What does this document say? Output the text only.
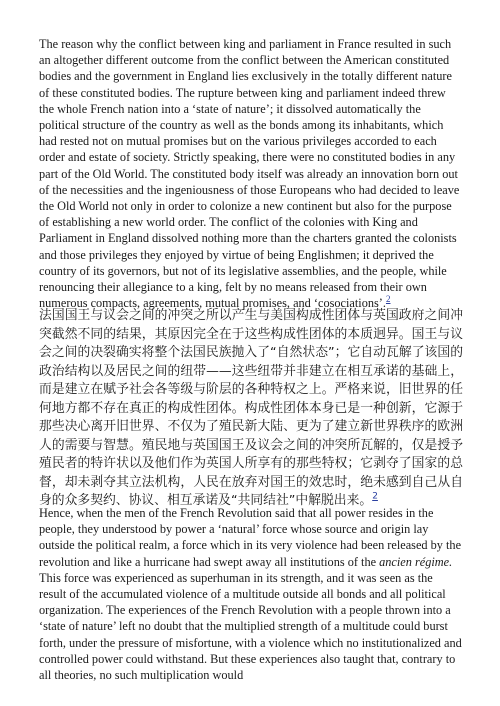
The reason why the conflict between king and parliament in France resulted in such an altogether different outcome from the conflict between the American constituted bodies and the government in England lies exclusively in the totally different nature of these constituted bodies. The rupture between king and parliament indeed threw the whole French nation into a ‘state of nature’; it dissolved automatically the political structure of the country as well as the bonds among its inhabitants, which had rested not on mutual promises but on the various privileges accorded to each order and estate of society. Strictly speaking, there were no constituted bodies in any part of the Old World. The constituted body itself was already an innovation born out of the necessities and the ingeniousness of those Europeans who had decided to leave the Old World not only in order to colonize a new continent but also for the purpose of establishing a new world order. The conflict of the colonies with King and Parliament in England dissolved nothing more than the charters granted the colonists and those privileges they enjoyed by virtue of being Englishmen; it deprived the country of its governors, but not of its legislative assemblies, and the people, while renouncing their allegiance to a king, felt by no means released from their own numerous compacts, agreements, mutual promises, and ‘cosociations’.$^2$

法国国王与议会之间的冲突之所以产生与美国构成性团体与英国政府之间冲突截然不同的结果，其原因完全在于这些构成性团体的本质迥异。国王与议会之间的决裂确实将整个法国民族抛入了“自然状态”；它自动瓦解了该国的政治结构以及居民之间的纽带——这些纽带并非建立在相互承诺的基础上，而是建立在赋予社会各等级与阶层的各种特权之上。严格来说，旧世界的任何地方都不存在真正的构成性团体。构成性团体本身已是一种创新，它源于那些决心离开旧世界、不仅为了殖民新大陆、更为了建立新世界秩序的欧洲人的需要与智慧。殖民地与英国国王及议会之间的冲突所瓦解的，仅是授予殖民者的特许状以及他们作为英国人所享有的那些特权；它剥夺了国家的总督，却未剥夺其立法机构，人民在放弃对国王的效忠时，绝未感到自己从自身的众多契约、协议、相互承诺及“共同结社”中解脱出来。$^2$

Hence, when the men of the French Revolution said that all power resides in the people, they understood by power a ‘natural’ force whose source and origin lay outside the political realm, a force which in its very violence had been released by the revolution and like a hurricane had swept away all institutions of the ancien régime. This force was experienced as superhuman in its strength, and it was seen as the result of the accumulated violence of a multitude outside all bonds and all political organization. The experiences of the French Revolution with a people thrown into a ‘state of nature’ left no doubt that the multiplied strength of a multitude could burst forth, under the pressure of misfortune, with a violence which no institutionalized and controlled power could withstand. But these experiences also taught that, contrary to all theories, no such multiplication would
